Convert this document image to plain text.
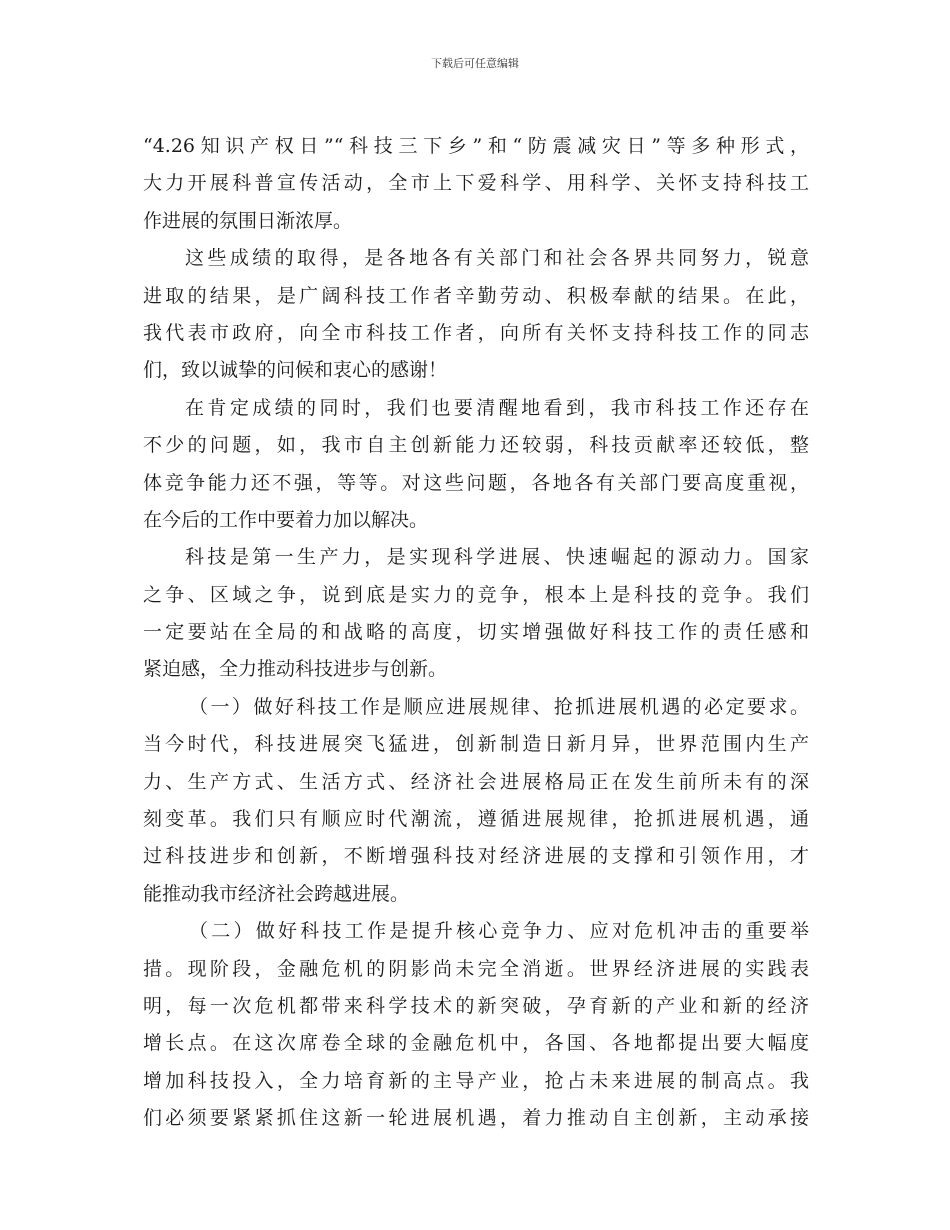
下载后可任意编辑
“4.26知识产权日”“科技三下乡”和“防震减灾日”等多种形式，
大力开展科普宣传活动，全市上下爱科学、用科学、关怀支持科技工
作进展的氛围日渐浓厚。
这些成绩的取得，是各地各有关部门和社会各界共同努力，锐意
进取的结果，是广阔科技工作者辛勤劳动、积极奉献的结果。在此，
我代表市政府，向全市科技工作者，向所有关怀支持科技工作的同志
们，致以诚挚的问候和衷心的感谢！
在肯定成绩的同时，我们也要清醒地看到，我市科技工作还存在
不少的问题，如，我市自主创新能力还较弱，科技贡献率还较低，整
体竞争能力还不强，等等。对这些问题，各地各有关部门要高度重视，
在今后的工作中要着力加以解决。
科技是第一生产力，是实现科学进展、快速崛起的源动力。国家
之争、区域之争，说到底是实力的竞争，根本上是科技的竞争。我们
一定要站在全局的和战略的高度，切实增强做好科技工作的责任感和
紧迫感，全力推动科技进步与创新。
（一）做好科技工作是顺应进展规律、抢抓进展机遇的必定要求。
当今时代，科技进展突飞猛进，创新制造日新月异，世界范围内生产
力、生产方式、生活方式、经济社会进展格局正在发生前所未有的深
刻变革。我们只有顺应时代潮流，遵循进展规律，抢抓进展机遇，通
过科技进步和创新，不断增强科技对经济进展的支撑和引领作用，才
能推动我市经济社会跨越进展。
（二）做好科技工作是提升核心竞争力、应对危机冲击的重要举
措。现阶段，金融危机的阴影尚未完全消逝。世界经济进展的实践表
明，每一次危机都带来科学技术的新突破，孕育新的产业和新的经济
增长点。在这次席卷全球的金融危机中，各国、各地都提出要大幅度
增加科技投入，全力培育新的主导产业，抢占未来进展的制高点。我
们必须要紧紧抓住这新一轮进展机遇，着力推动自主创新，主动承接
